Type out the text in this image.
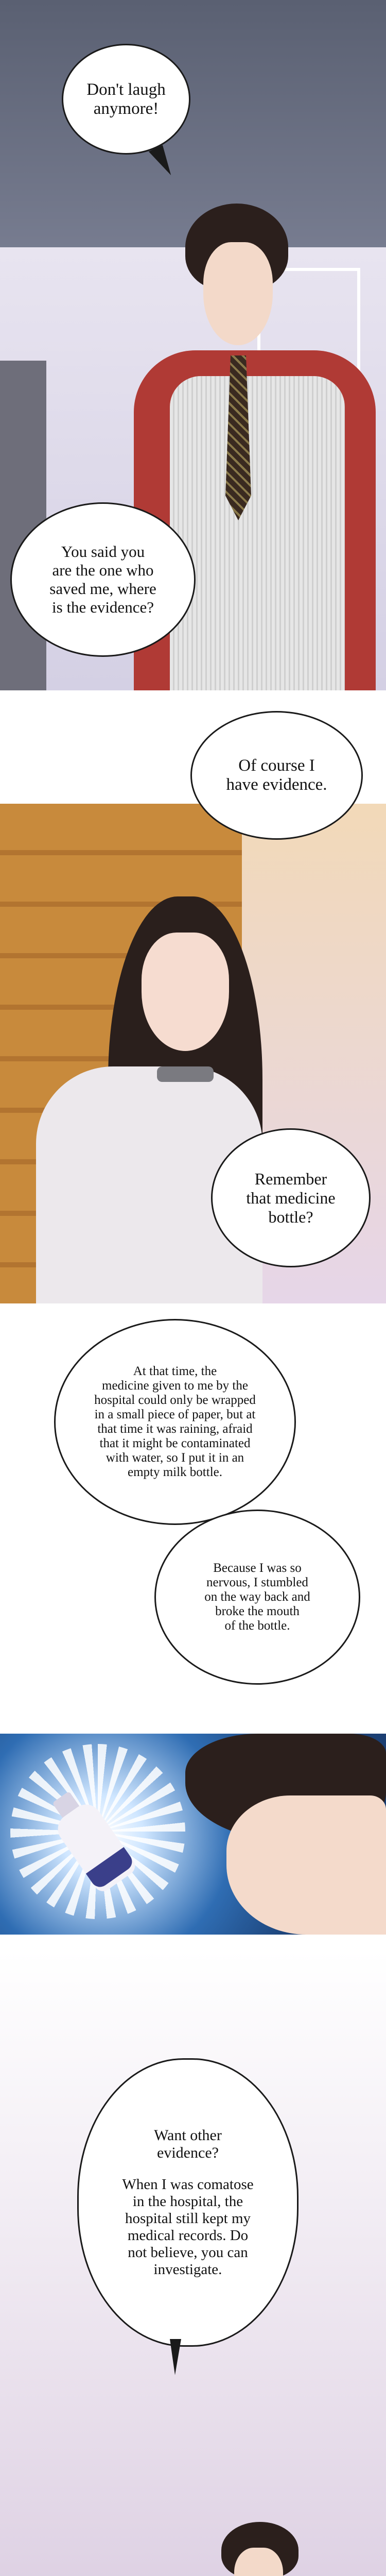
Don't laugh
anymore!
You said you
are the one who
saved me, where
is the evidence?
Of course I
have evidence.
Remember
that medicine
bottle?
At that time, the
medicine given to me by the
hospital could only be wrapped
in a small piece of paper, but at
that time it was raining, afraid
that it might be contaminated
with water, so I put it in an
empty milk bottle.
Because I was so
nervous, I stumbled
on the way back and
broke the mouth
of the bottle.
Want other
evidence?
When I was comatose
in the hospital, the
hospital still kept my
medical records. Do
not believe, you can
investigate.
